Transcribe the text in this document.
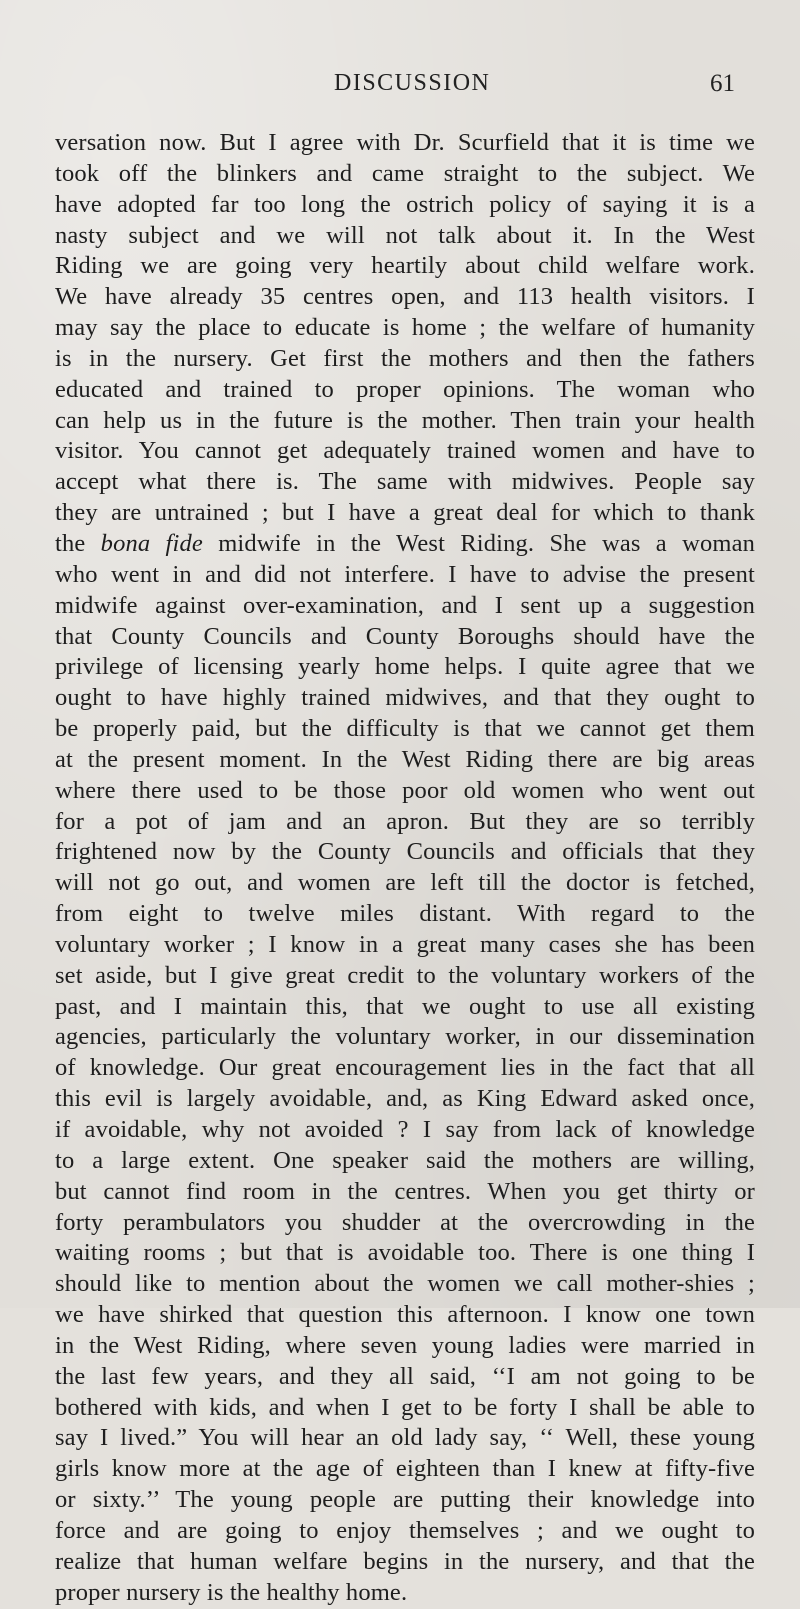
DISCUSSION	61
versation now. But I agree with Dr. Scurfield that it is time we
took off the blinkers and came straight to the subject. We
have adopted far too long the ostrich policy of saying it is a
nasty subject and we will not talk about it. In the West
Riding we are going very heartily about child welfare work.
We have already 35 centres open, and 113 health visitors. I
may say the place to educate is home ; the welfare of humanity
is in the nursery. Get first the mothers and then the fathers
educated and trained to proper opinions. The woman who
can help us in the future is the mother. Then train your health
visitor. You cannot get adequately trained women and have to
accept what there is. The same with midwives. People say
they are untrained ; but I have a great deal for which to thank
the bona fide midwife in the West Riding. She was a woman
who went in and did not interfere. I have to advise the present
midwife against over-examination, and I sent up a suggestion
that County Councils and County Boroughs should have the
privilege of licensing yearly home helps. I quite agree that we
ought to have highly trained midwives, and that they ought to
be properly paid, but the difficulty is that we cannot get them
at the present moment. In the West Riding there are big areas
where there used to be those poor old women who went out
for a pot of jam and an apron. But they are so terribly
frightened now by the County Councils and officials that they
will not go out, and women are left till the doctor is fetched,
from eight to twelve miles distant. With regard to the
voluntary worker ; I know in a great many cases she has been
set aside, but I give great credit to the voluntary workers of the
past, and I maintain this, that we ought to use all existing
agencies, particularly the voluntary worker, in our dissemination
of knowledge. Our great encouragement lies in the fact that all
this evil is largely avoidable, and, as King Edward asked once,
if avoidable, why not avoided ? I say from lack of knowledge
to a large extent. One speaker said the mothers are willing,
but cannot find room in the centres. When you get thirty or
forty perambulators you shudder at the overcrowding in the
waiting rooms ; but that is avoidable too. There is one thing I
should like to mention about the women we call mother-shies ;
we have shirked that question this afternoon. I know one town
in the West Riding, where seven young ladies were married in
the last few years, and they all said, ‘‘I am not going to be
bothered with kids, and when I get to be forty I shall be able to
say I lived.” You will hear an old lady say, ‘‘ Well, these young
girls know more at the age of eighteen than I knew at fifty-five
or sixty.’’ The young people are putting their knowledge into
force and are going to enjoy themselves ; and we ought to
realize that human welfare begins in the nursery, and that the
proper nursery is the healthy home.
